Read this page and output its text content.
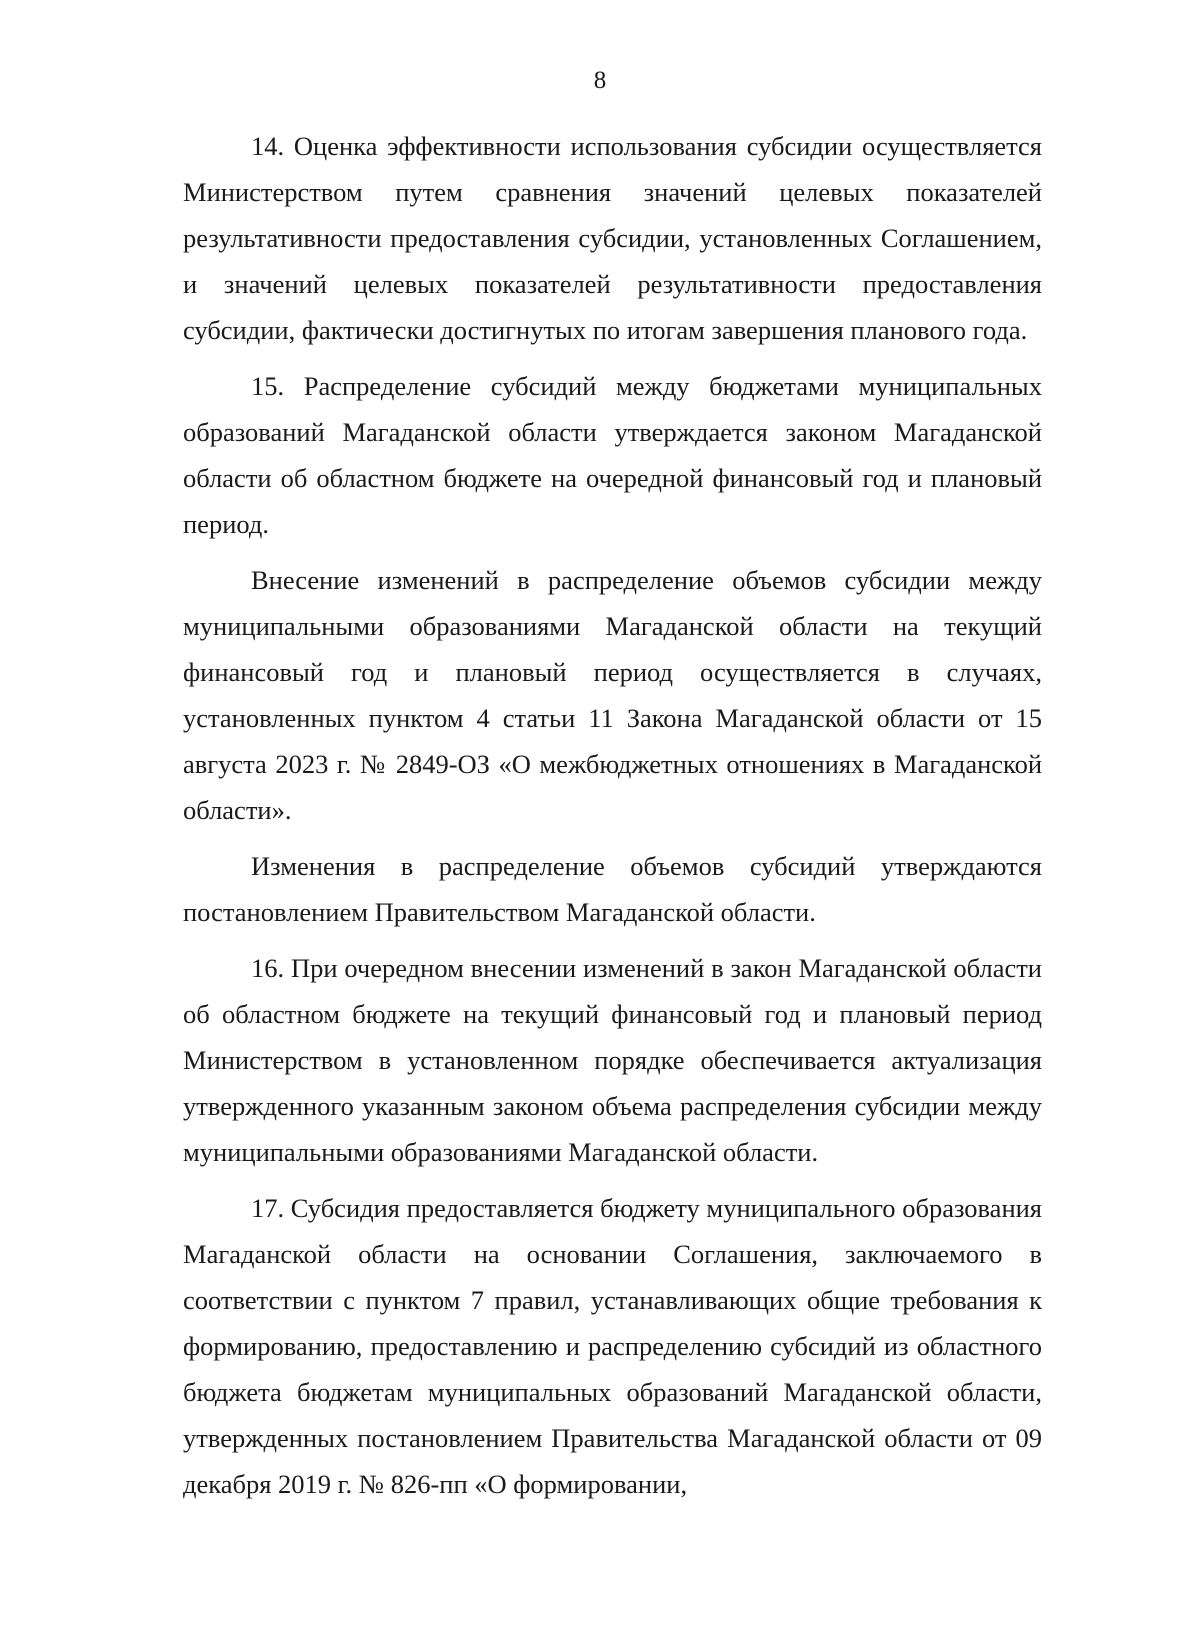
8

14. Оценка эффективности использования субсидии осуществляется Министерством путем сравнения значений целевых показателей результативности предоставления субсидии, установленных Соглашением, и значений целевых показателей результативности предоставления субсидии, фактически достигнутых по итогам завершения планового года.

15. Распределение субсидий между бюджетами муниципальных образований Магаданской области утверждается законом Магаданской области об областном бюджете на очередной финансовый год и плановый период.

Внесение изменений в распределение объемов субсидии между муниципальными образованиями Магаданской области на текущий финансовый год и плановый период осуществляется в случаях, установленных пунктом 4 статьи 11 Закона Магаданской области от 15 августа 2023 г. № 2849-ОЗ «О межбюджетных отношениях в Магаданской области».

Изменения в распределение объемов субсидий утверждаются постановлением Правительством Магаданской области.

16. При очередном внесении изменений в закон Магаданской области об областном бюджете на текущий финансовый год и плановый период Министерством в установленном порядке обеспечивается актуализация утвержденного указанным законом объема распределения субсидии между муниципальными образованиями Магаданской области.

17. Субсидия предоставляется бюджету муниципального образования Магаданской области на основании Соглашения, заключаемого в соответствии с пунктом 7 правил, устанавливающих общие требования к формированию, предоставлению и распределению субсидий из областного бюджета бюджетам муниципальных образований Магаданской области, утвержденных постановлением Правительства Магаданской области от 09 декабря 2019 г. № 826-пп «О формировании,
